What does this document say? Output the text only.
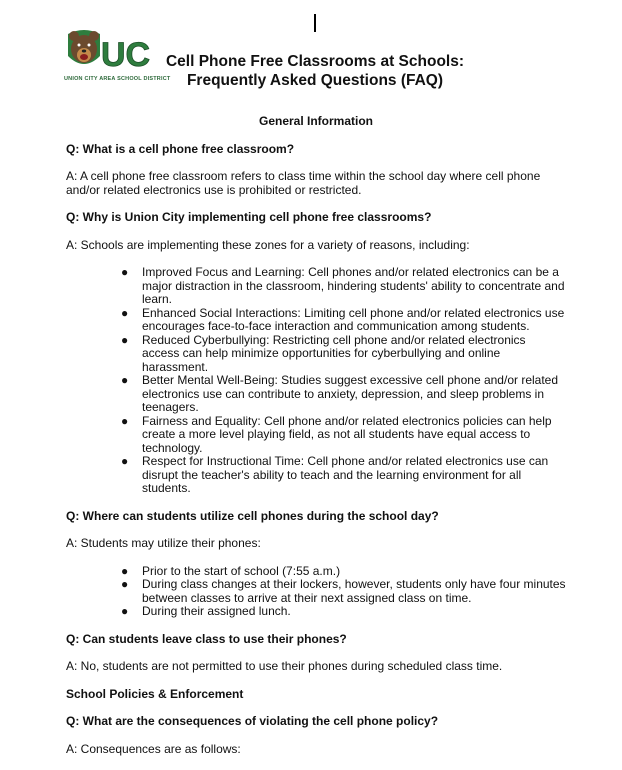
UC
UNION CITY AREA SCHOOL DISTRICT
Cell Phone Free Classrooms at Schools:
Frequently Asked Questions (FAQ)
General Information
Q: What is a cell phone free classroom?
A: A cell phone free classroom refers to class time within the school day where cell phone and/or related electronics use is prohibited or restricted.
Q: Why is Union City implementing cell phone free classrooms?
A: Schools are implementing these zones for a variety of reasons, including:
● Improved Focus and Learning: Cell phones and/or related electronics can be a major distraction in the classroom, hindering students' ability to concentrate and learn.
● Enhanced Social Interactions: Limiting cell phone and/or related electronics use encourages face-to-face interaction and communication among students.
● Reduced Cyberbullying: Restricting cell phone and/or related electronics access can help minimize opportunities for cyberbullying and online harassment.
● Better Mental Well-Being: Studies suggest excessive cell phone and/or related electronics use can contribute to anxiety, depression, and sleep problems in teenagers.
● Fairness and Equality: Cell phone and/or related electronics policies can help create a more level playing field, as not all students have equal access to technology.
● Respect for Instructional Time: Cell phone and/or related electronics use can disrupt the teacher's ability to teach and the learning environment for all students.
Q: Where can students utilize cell phones during the school day?
A: Students may utilize their phones:
● Prior to the start of school (7:55 a.m.)
● During class changes at their lockers, however, students only have four minutes between classes to arrive at their next assigned class on time.
● During their assigned lunch.
Q: Can students leave class to use their phones?
A: No, students are not permitted to use their phones during scheduled class time.
School Policies & Enforcement
Q: What are the consequences of violating the cell phone policy?
A: Consequences are as follows:
